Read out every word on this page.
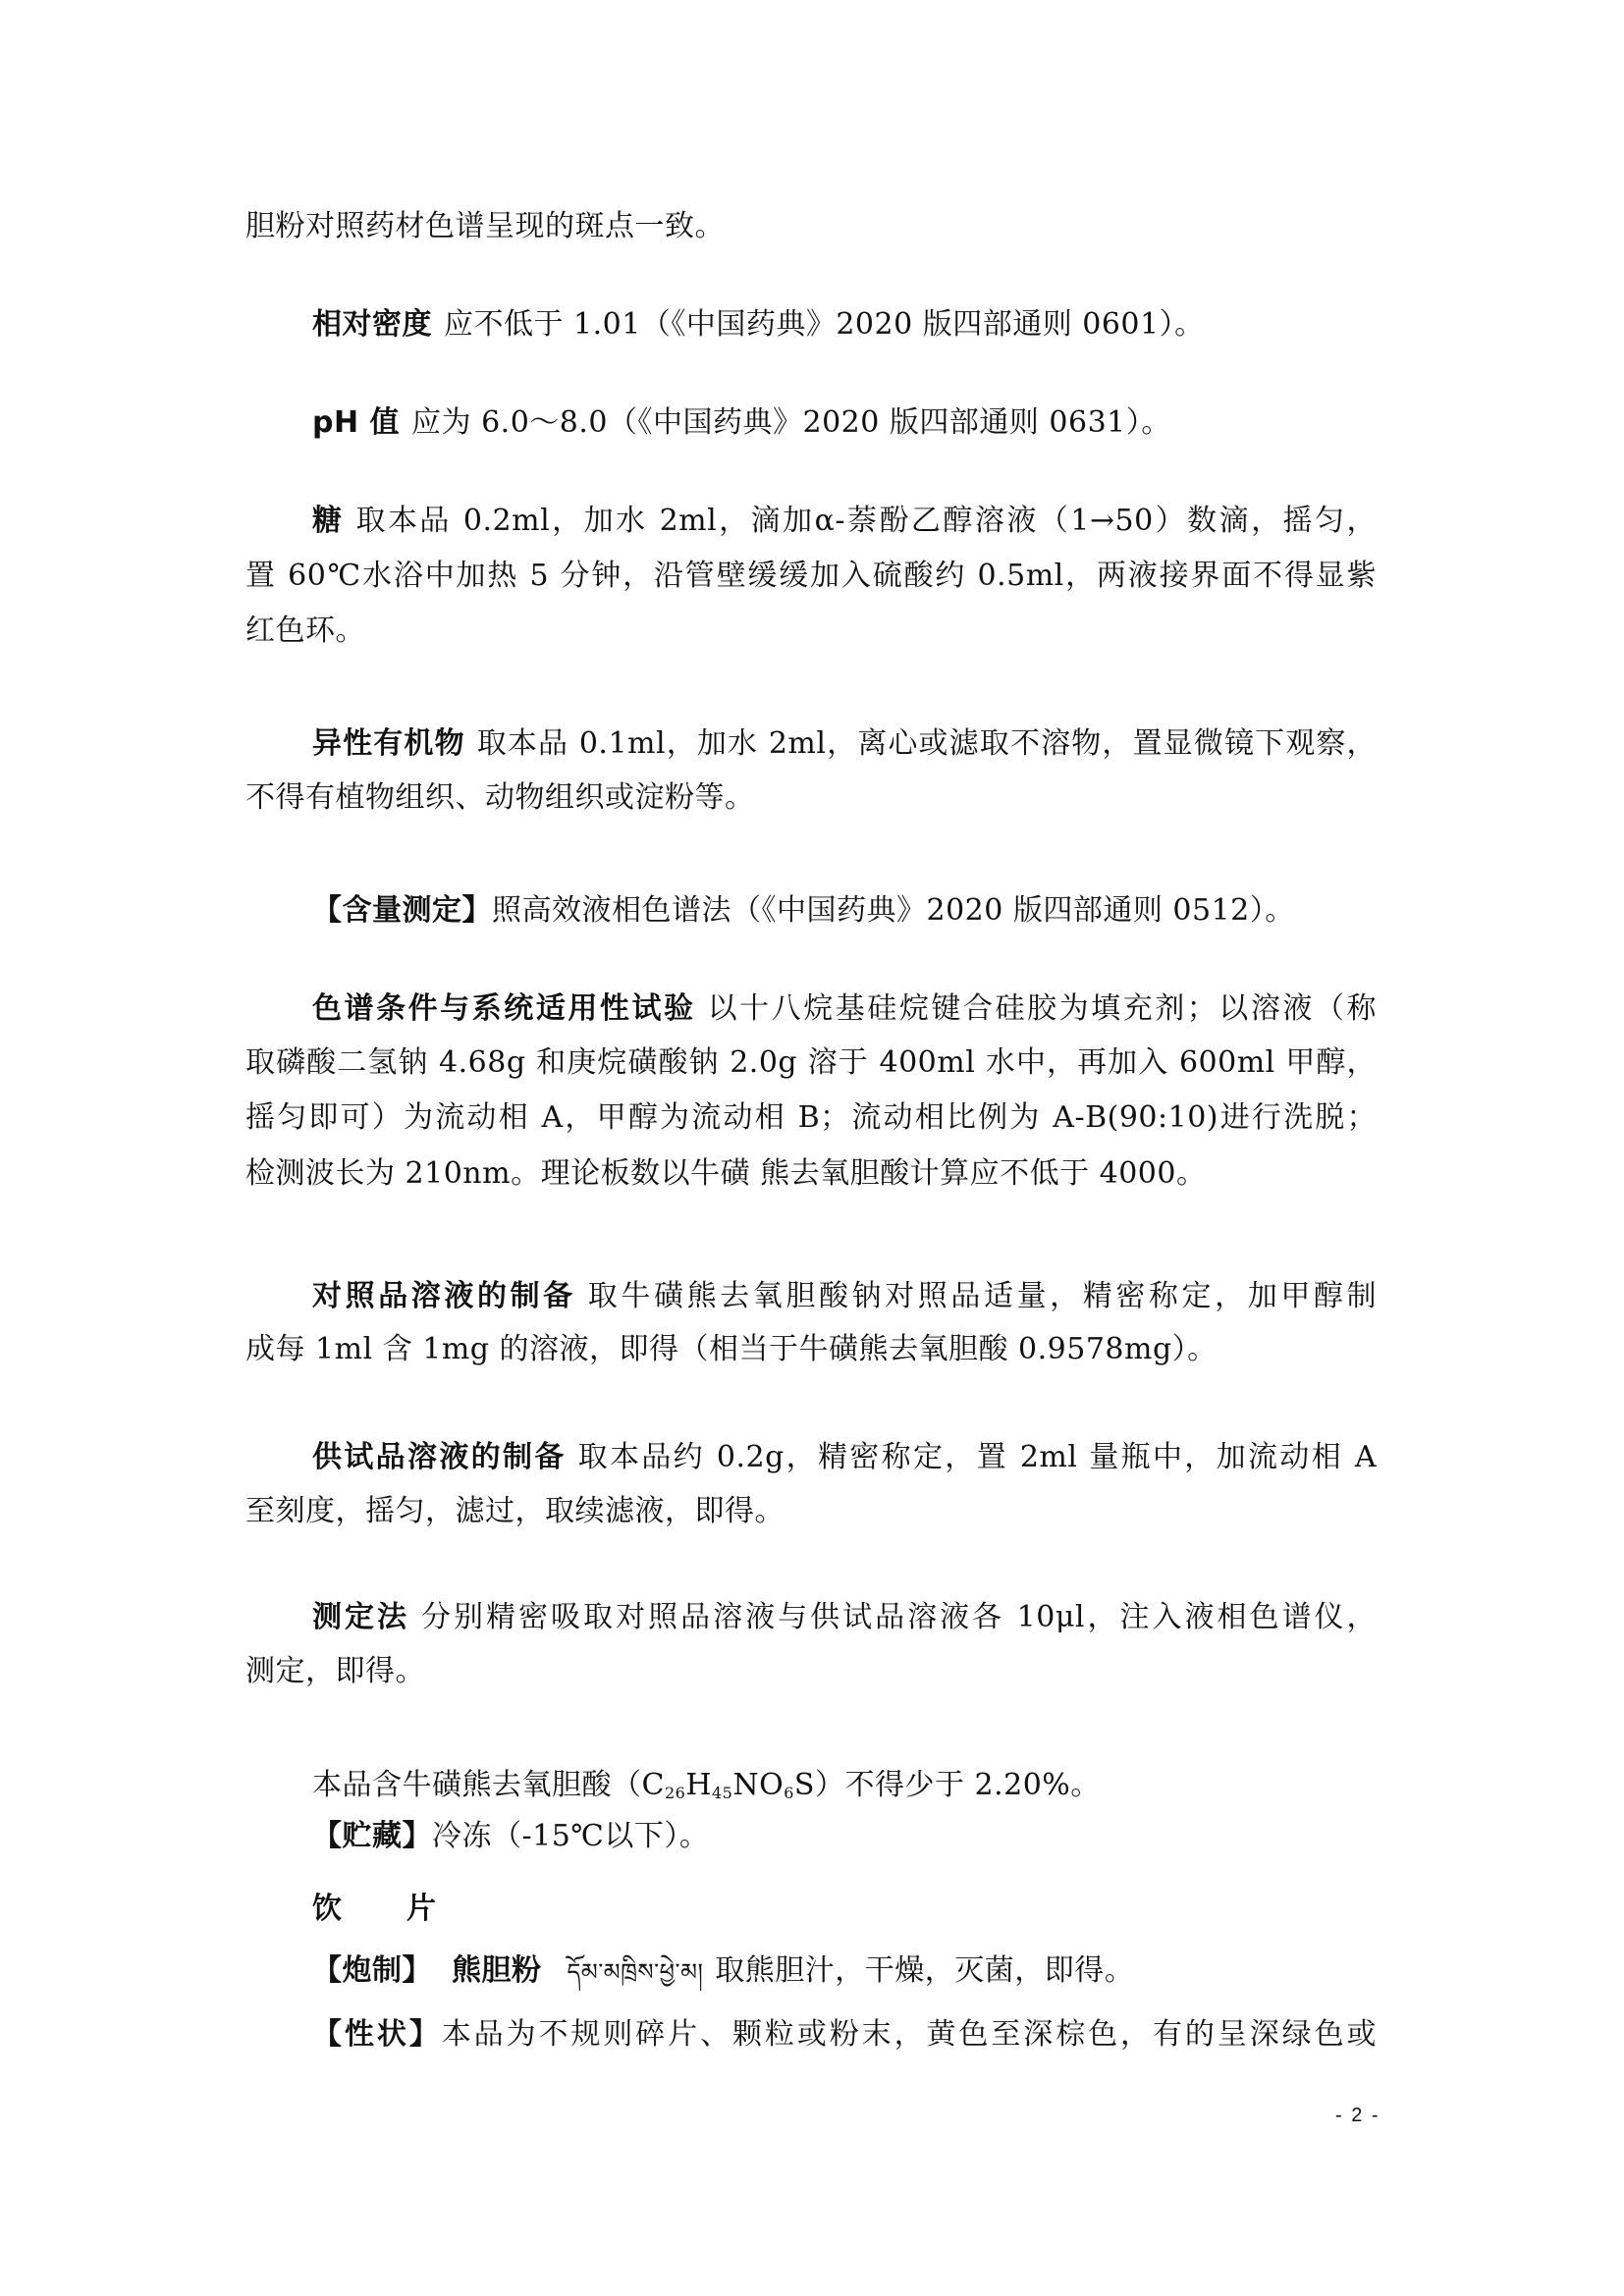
胆粉对照药材色谱呈现的斑点一致。
相对密度 应不低于 1.01（《中国药典》2020 版四部通则 0601）。
pH 值 应为 6.0～8.0（《中国药典》2020 版四部通则 0631）。
糖 取本品 0.2ml，加水 2ml，滴加α-萘酚乙醇溶液（1→50）数滴，摇匀，
置 60℃水浴中加热 5 分钟，沿管壁缓缓加入硫酸约 0.5ml，两液接界面不得显紫
红色环。
异性有机物 取本品 0.1ml，加水 2ml，离心或滤取不溶物，置显微镜下观察，
不得有植物组织、动物组织或淀粉等。
【含量测定】照高效液相色谱法（《中国药典》2020 版四部通则 0512）。
色谱条件与系统适用性试验 以十八烷基硅烷键合硅胶为填充剂；以溶液（称
取磷酸二氢钠 4.68g 和庚烷磺酸钠 2.0g 溶于 400ml 水中，再加入 600ml 甲醇，
摇匀即可）为流动相 A，甲醇为流动相 B；流动相比例为 A-B(90:10)进行洗脱；
检测波长为 210nm。理论板数以牛磺 熊去氧胆酸计算应不低于 4000。
对照品溶液的制备 取牛磺熊去氧胆酸钠对照品适量，精密称定，加甲醇制
成每 1ml 含 1mg 的溶液，即得（相当于牛磺熊去氧胆酸 0.9578mg）。
供试品溶液的制备 取本品约 0.2g，精密称定，置 2ml 量瓶中，加流动相 A
至刻度，摇匀，滤过，取续滤液，即得。
测定法 分别精密吸取对照品溶液与供试品溶液各 10μl，注入液相色谱仪，
测定，即得。
本品含牛磺熊去氧胆酸$(C_{26}H_{45}NO_6S)$不得少于 2.20%。
【贮藏】冷冻（-15℃以下）。
饮 片
【炮制】 熊胆粉 དོམ་མཁྲིས་ཕྱེ་མ། 取熊胆汁，干燥，灭菌，即得。
【性状】本品为不规则碎片、颗粒或粉末，黄色至深棕色，有的呈深绿色或
- 2 -
